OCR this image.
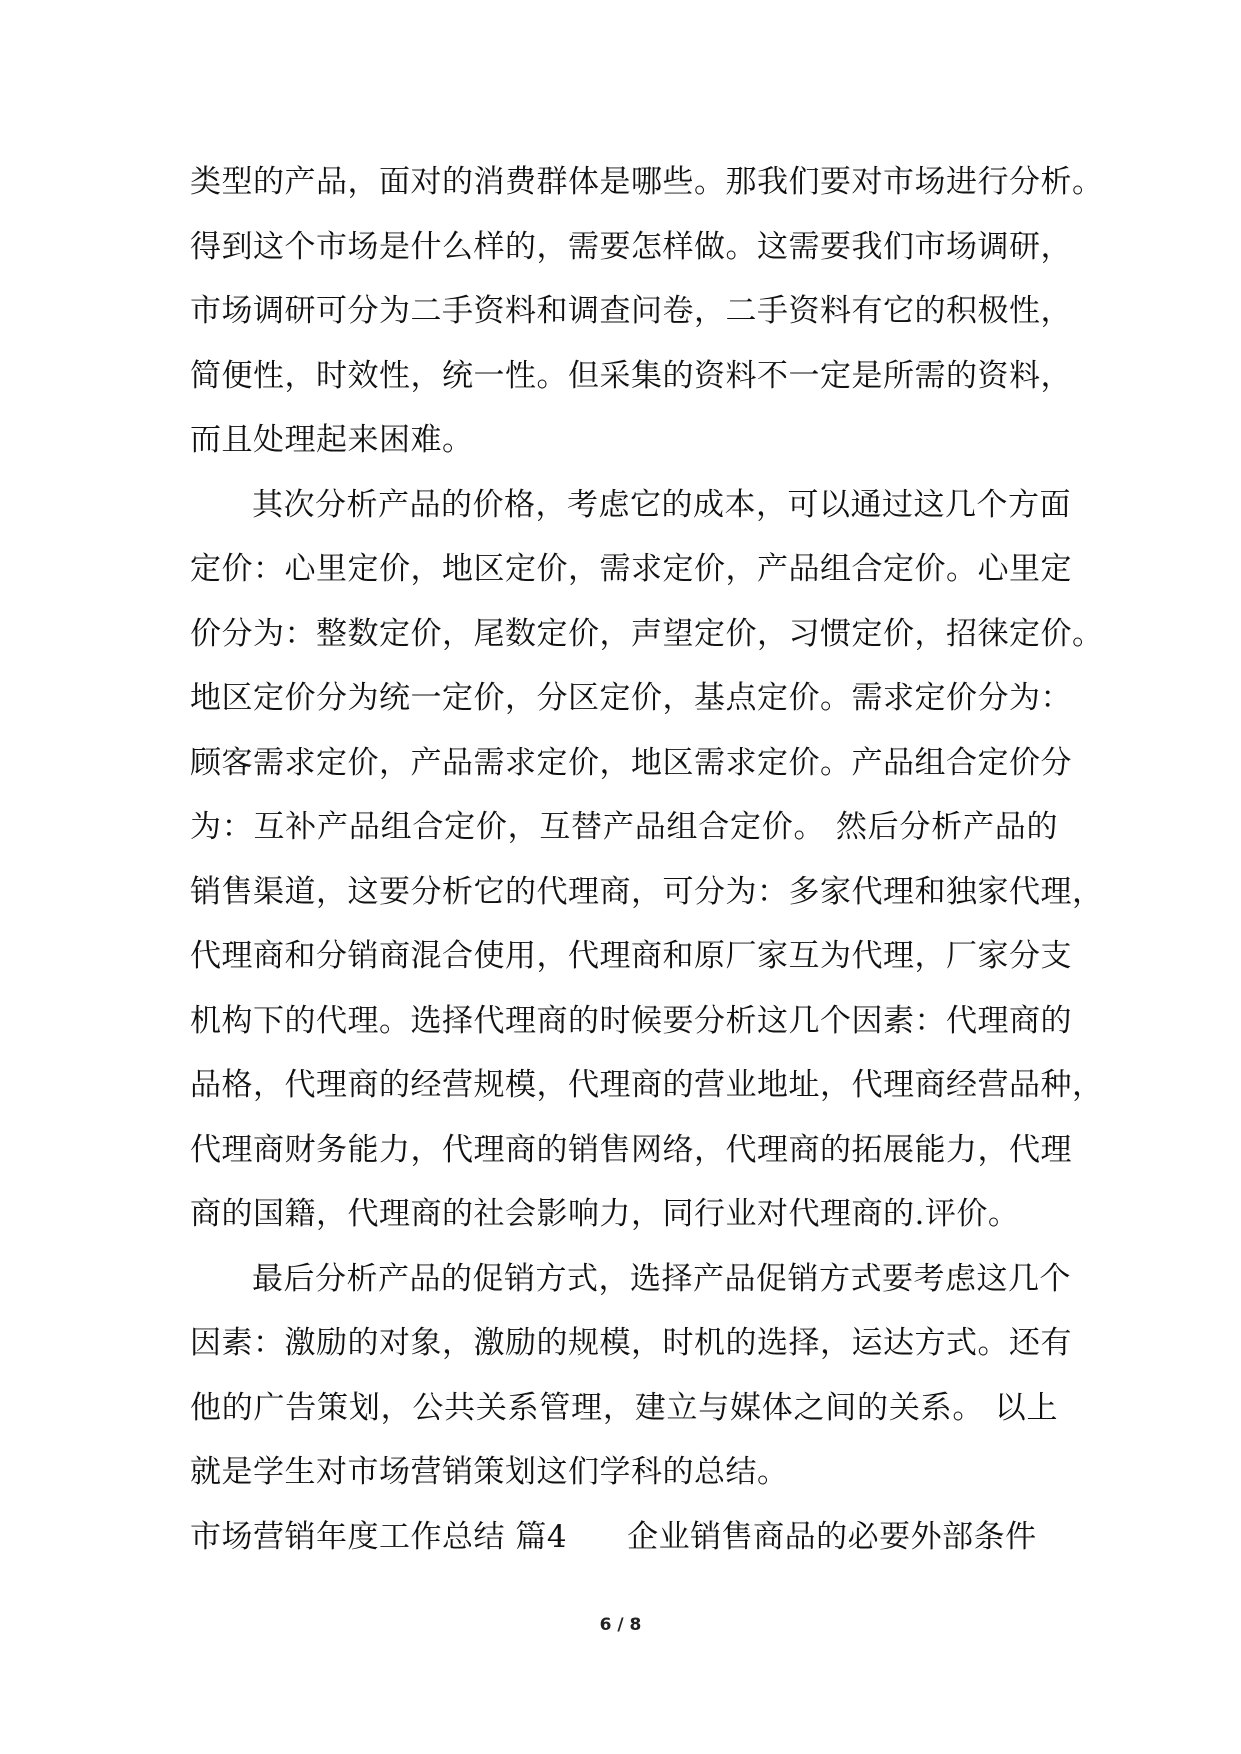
类型的产品，面对的消费群体是哪些。那我们要对市场进行分析。
得到这个市场是什么样的，需要怎样做。这需要我们市场调研，
市场调研可分为二手资料和调查问卷，二手资料有它的积极性，
简便性，时效性，统一性。但采集的资料不一定是所需的资料，
而且处理起来困难。
其次分析产品的价格，考虑它的成本，可以通过这几个方面
定价：心里定价，地区定价，需求定价，产品组合定价。心里定
价分为：整数定价，尾数定价，声望定价，习惯定价，招徕定价。
地区定价分为统一定价，分区定价，基点定价。需求定价分为：
顾客需求定价，产品需求定价，地区需求定价。产品组合定价分
为：互补产品组合定价，互替产品组合定价。 然后分析产品的
销售渠道，这要分析它的代理商，可分为：多家代理和独家代理，
代理商和分销商混合使用，代理商和原厂家互为代理，厂家分支
机构下的代理。选择代理商的时候要分析这几个因素：代理商的
品格，代理商的经营规模，代理商的营业地址，代理商经营品种，
代理商财务能力，代理商的销售网络，代理商的拓展能力，代理
商的国籍，代理商的社会影响力，同行业对代理商的.评价。
最后分析产品的促销方式，选择产品促销方式要考虑这几个
因素：激励的对象，激励的规模，时机的选择，运达方式。还有
他的广告策划，公共关系管理，建立与媒体之间的关系。 以上
就是学生对市场营销策划这们学科的总结。
市场营销年度工作总结 篇4 企业销售商品的必要外部条件
6 / 8
